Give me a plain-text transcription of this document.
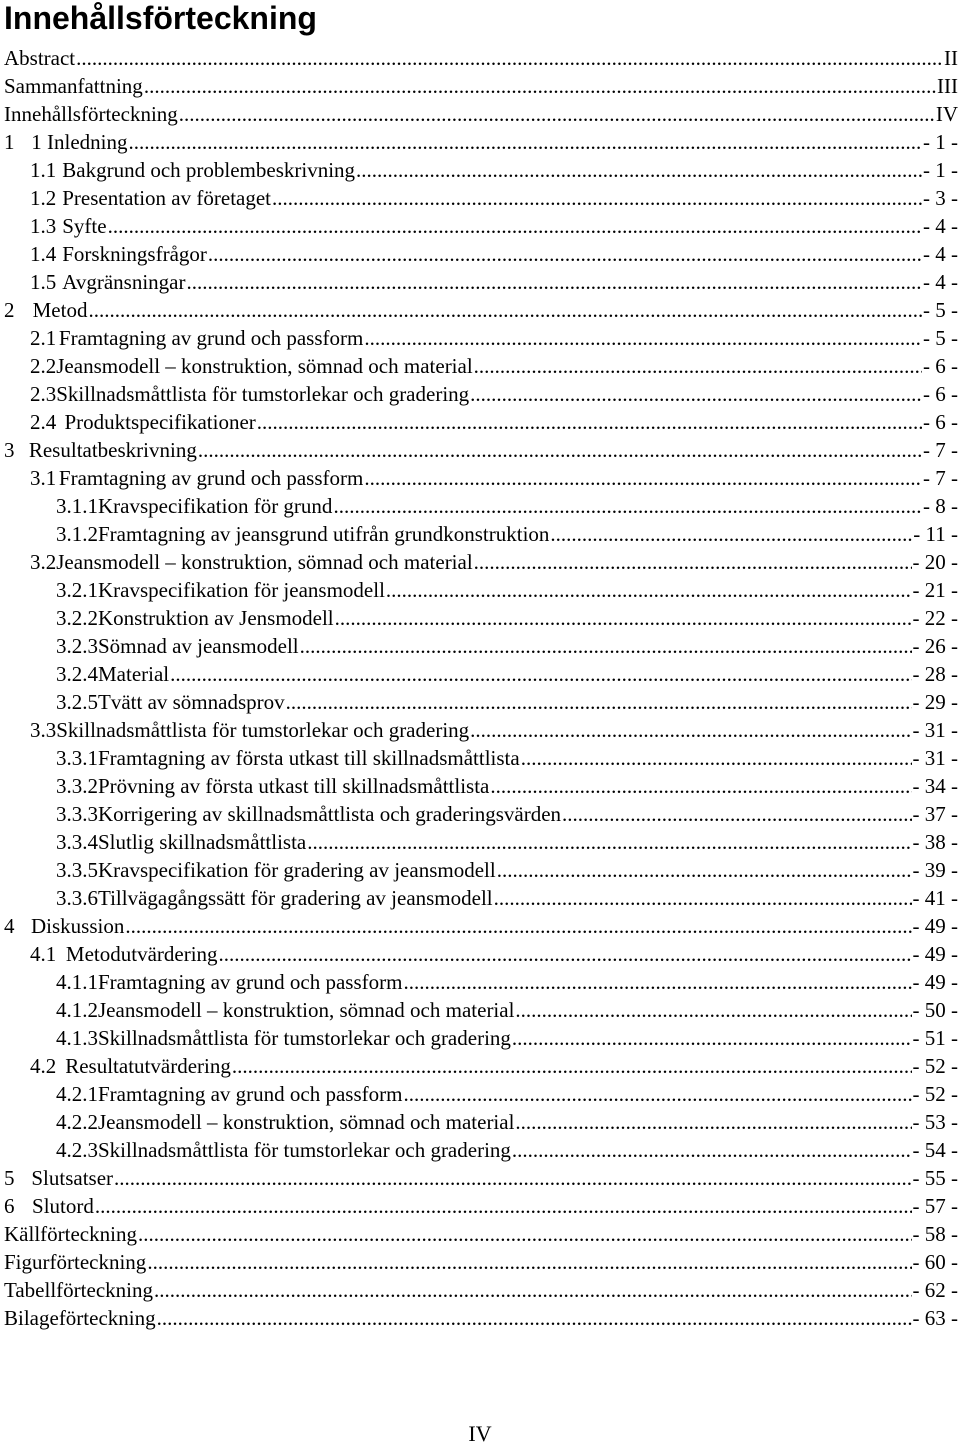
Innehållsförteckning
Abstract .....	II
Sammanfattning .....	III
Innehållsförteckning .....	IV
1 1 Inledning .....	- 1 -
1.1 Bakgrund och problembeskrivning .....	- 1 -
1.2 Presentation av företaget .....	- 3 -
1.3 Syfte .....	- 4 -
1.4 Forskningsfrågor .....	- 4 -
1.5 Avgränsningar .....	- 4 -
2 Metod .....	- 5 -
2.1 Framtagning av grund och passform .....	- 5 -
2.2 Jeansmodell – konstruktion, sömnad och material .....	- 6 -
2.3 Skillnadsmåttlista för tumstorlekar och gradering .....	- 6 -
2.4 Produktspecifikationer .....	- 6 -
3 Resultatbeskrivning .....	- 7 -
3.1 Framtagning av grund och passform .....	- 7 -
3.1.1 Kravspecifikation för grund .....	- 8 -
3.1.2 Framtagning av jeansgrund utifrån grundkonstruktion .....	- 11 -
3.2 Jeansmodell – konstruktion, sömnad och material .....	- 20 -
3.2.1 Kravspecifikation för jeansmodell .....	- 21 -
3.2.2 Konstruktion av Jensmodell .....	- 22 -
3.2.3 Sömnad av jeansmodell .....	- 26 -
3.2.4 Material .....	- 28 -
3.2.5 Tvätt av sömnadsprov .....	- 29 -
3.3 Skillnadsmåttlista för tumstorlekar och gradering .....	- 31 -
3.3.1 Framtagning av första utkast till skillnadsmåttlista .....	- 31 -
3.3.2 Prövning av första utkast till skillnadsmåttlista .....	- 34 -
3.3.3 Korrigering av skillnadsmåttlista och graderingsvärden .....	- 37 -
3.3.4 Slutlig skillnadsmåttlista .....	- 38 -
3.3.5 Kravspecifikation för gradering av jeansmodell .....	- 39 -
3.3.6 Tillvägagångssätt för gradering av jeansmodell .....	- 41 -
4 Diskussion .....	- 49 -
4.1 Metodutvärdering .....	- 49 -
4.1.1 Framtagning av grund och passform .....	- 49 -
4.1.2 Jeansmodell – konstruktion, sömnad och material .....	- 50 -
4.1.3 Skillnadsmåttlista för tumstorlekar och gradering .....	- 51 -
4.2 Resultatutvärdering .....	- 52 -
4.2.1 Framtagning av grund och passform .....	- 52 -
4.2.2 Jeansmodell – konstruktion, sömnad och material .....	- 53 -
4.2.3 Skillnadsmåttlista för tumstorlekar och gradering .....	- 54 -
5 Slutsatser .....	- 55 -
6 Slutord .....	- 57 -
Källförteckning .....	- 58 -
Figurförteckning .....	- 60 -
Tabellförteckning .....	- 62 -
Bilageförteckning .....	- 63 -
IV
